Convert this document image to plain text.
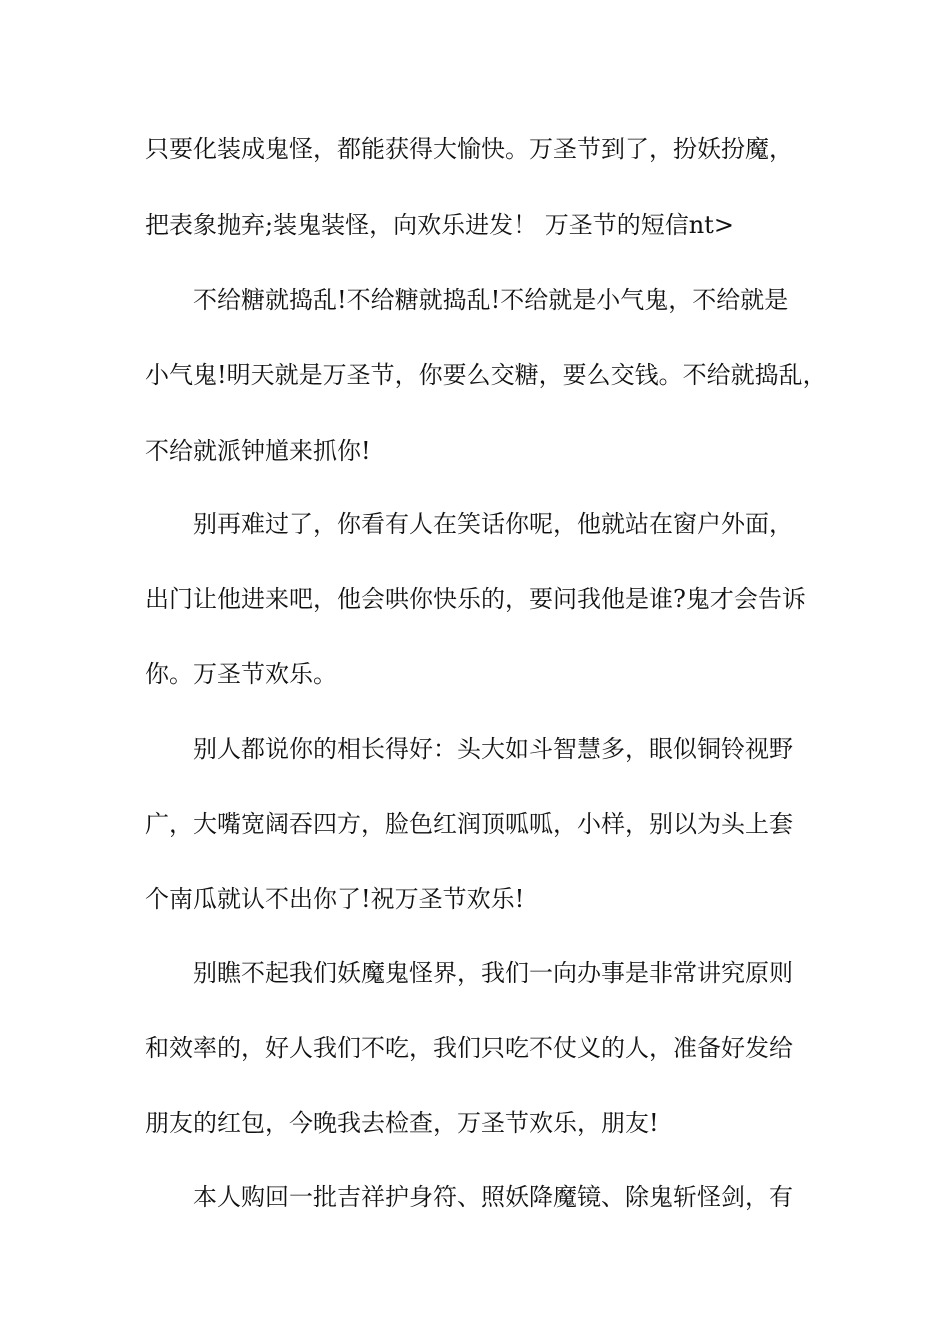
只要化装成鬼怪，都能获得大愉快。万圣节到了，扮妖扮魔，

把表象抛弃;装鬼装怪，向欢乐进发！ 万圣节的短信nt>

不给糖就捣乱!不给糖就捣乱!不给就是小气鬼，不给就是

小气鬼!明天就是万圣节，你要么交糖，要么交钱。不给就捣乱，

不给就派钟馗来抓你!

别再难过了，你看有人在笑话你呢，他就站在窗户外面，

出门让他进来吧，他会哄你快乐的，要问我他是谁?鬼才会告诉

你。万圣节欢乐。

别人都说你的相长得好：头大如斗智慧多，眼似铜铃视野

广，大嘴宽阔吞四方，脸色红润顶呱呱，小样，别以为头上套

个南瓜就认不出你了!祝万圣节欢乐!

别瞧不起我们妖魔鬼怪界，我们一向办事是非常讲究原则

和效率的，好人我们不吃，我们只吃不仗义的人，准备好发给

朋友的红包，今晚我去检查，万圣节欢乐，朋友!

本人购回一批吉祥护身符、照妖降魔镜、除鬼斩怪剑，有
